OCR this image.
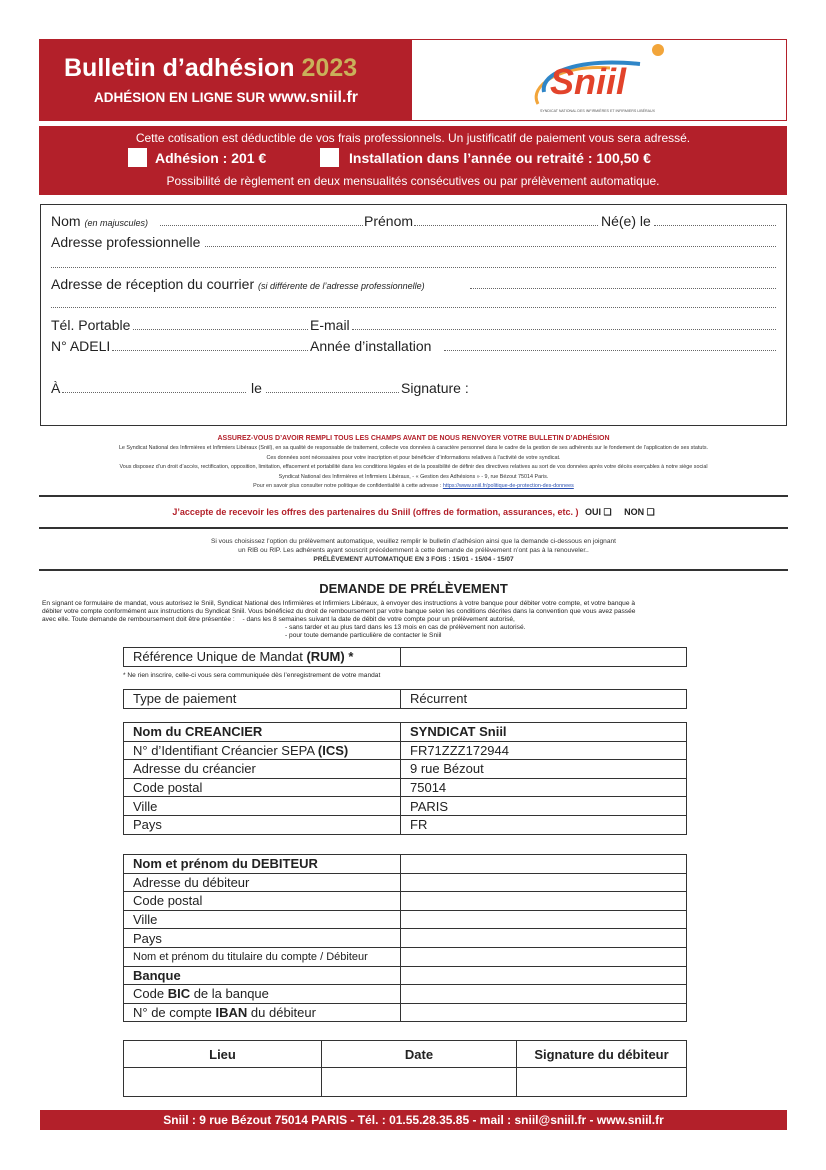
Bulletin d’adhésion 2023
ADHÉSION EN LIGNE SUR www.sniil.fr	Sniil
SYNDICAT NATIONAL DES INFIRMIÈRES ET INFIRMIERS LIBÉRAUX
Cette cotisation est déductible de vos frais professionnels. Un justificatif de paiement vous sera adressé.
Adhésion : 201 €	Installation dans l’année ou retraité : 100,50 €
Possibilité de règlement en deux mensualités consécutives ou par prélèvement automatique.
Nom (en majuscules)	Prénom	Né(e) le
Adresse professionnelle
Adresse de réception du courrier (si différente de l’adresse professionnelle)
Tél. Portable	E-mail
N° ADELI	Année d’installation
À	le	Signature :
ASSUREZ-VOUS D’AVOIR REMPLI TOUS LES CHAMPS AVANT DE NOUS RENVOYER VOTRE BULLETIN D’ADHÉSION
Le Syndicat National des Infirmières et Infirmiers Libéraux (Sniil), en sa qualité de responsable de traitement, collecte vos données à caractère personnel dans le cadre de la gestion de ses adhérents sur le fondement de l’application de ses statuts.
Ces données sont nécessaires pour votre inscription et pour bénéficier d’informations relatives à l’activité de votre syndicat.
Vous disposez d’un droit d’accès, rectification, opposition, limitation, effacement et portabilité dans les conditions légales et de la possibilité de définir des directives relatives au sort de vos données après votre décès exerçables à notre siège social
Syndicat National des Infirmières et Infirmiers Libéraux, - « Gestion des Adhésions » - 9, rue Bézout 75014 Paris.
Pour en savoir plus consulter notre politique de confidentialité à cette adresse : https://www.sniil.fr/politique-de-protection-des-donnees
J’accepte de recevoir les offres des partenaires du Sniil (offres de formation, assurances, etc. ) OUI ❑ NON ❑
Si vous choisissez l’option du prélèvement automatique, veuillez remplir le bulletin d’adhésion ainsi que la demande ci-dessous en joignant
un RIB ou RIP. Les adhérents ayant souscrit précédemment à cette demande de prélèvement n’ont pas à la renouveler..
PRÉLÈVEMENT AUTOMATIQUE EN 3 FOIS : 15/01 - 15/04 - 15/07
DEMANDE DE PRÉLÈVEMENT
En signant ce formulaire de mandat, vous autorisez le Sniil, Syndicat National des Infirmières et Infirmiers Libéraux, à envoyer des instructions à votre banque pour débiter votre compte, et votre banque à
débiter votre compte conformément aux instructions du Syndicat Sniil. Vous bénéficiez du droit de remboursement par votre banque selon les conditions décrites dans la convention que vous avez passée
avec elle. Toute demande de remboursement doit être présentée : - dans les 8 semaines suivant la date de débit de votre compte pour un prélèvement autorisé,
- sans tarder et au plus tard dans les 13 mois en cas de prélèvement non autorisé.
- pour toute demande particulière de contacter le Sniil
Référence Unique de Mandat (RUM) *	
* Ne rien inscrire, celle-ci vous sera communiquée dès l’enregistrement de votre mandat
Type de paiement	Récurrent
Nom du CREANCIER	SYNDICAT Sniil
N° d’Identifiant Créancier SEPA (ICS)	FR71ZZZ172944
Adresse du créancier	9 rue Bézout
Code postal	75014
Ville	PARIS
Pays	FR
Nom et prénom du DEBITEUR	
Adresse du débiteur	
Code postal	
Ville	
Pays	
Nom et prénom du titulaire du compte / Débiteur	
Banque	
Code BIC de la banque	
N° de compte IBAN du débiteur	
Lieu	Date	Signature du débiteur

Sniil : 9 rue Bézout 75014 PARIS - Tél. : 01.55.28.35.85 - mail : sniil@sniil.fr - www.sniil.fr
